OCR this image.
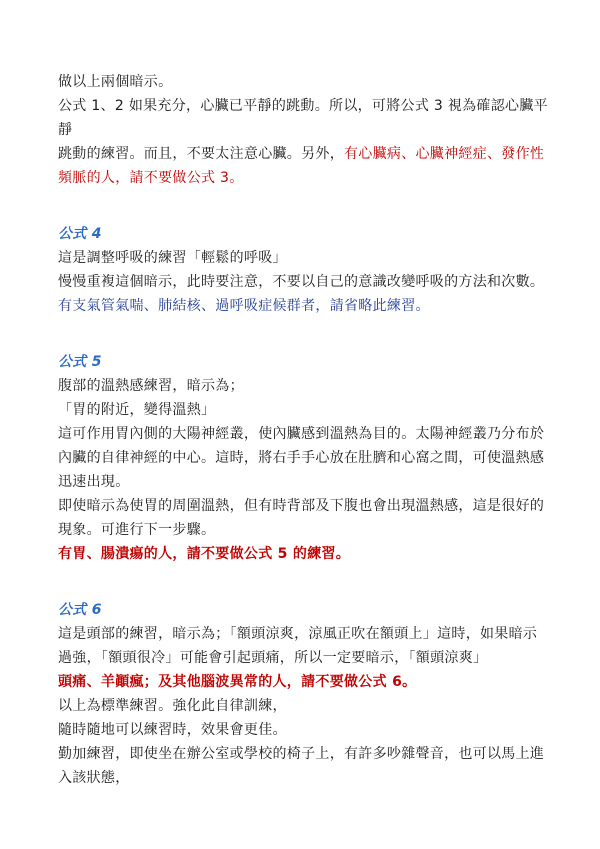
做以上兩個暗示。

公式 1、2 如果充分，心臟已平靜的跳動。所以，可將公式 3 視為確認心臟平靜

跳動的練習。而且，不要太注意心臟。另外，有心臟病、心臟神經症、發作性

頻脈的人，請不要做公式 3。

公式 4

這是調整呼吸的練習「輕鬆的呼吸」

慢慢重複這個暗示，此時要注意，不要以自己的意識改變呼吸的方法和次數。

有支氣管氣喘、肺結核、過呼吸症候群者，請省略此練習。

公式 5

腹部的溫熱感練習，暗示為；

「胃的附近，變得溫熱」

這可作用胃內側的大陽神經叢，使內臟感到溫熱為目的。太陽神經叢乃分布於

內臟的自律神經的中心。這時，將右手手心放在肚臍和心窩之間，可使溫熱感

迅速出現。

即使暗示為使胃的周圍溫熱，但有時背部及下腹也會出現溫熱感，這是很好的

現象。可進行下一步驟。

有胃、腸潰瘍的人，請不要做公式 5 的練習。

公式 6

這是頭部的練習，暗示為；「額頭涼爽，涼風正吹在額頭上」這時，如果暗示

過強，「額頭很冷」可能會引起頭痛，所以一定要暗示，「額頭涼爽」

頭痛、羊顚瘋；及其他腦波異常的人，請不要做公式 6。

以上為標準練習。強化此自律訓練，

隨時隨地可以練習時，效果會更佳。

勤加練習，即使坐在辦公室或學校的椅子上，有許多吵雜聲音，也可以馬上進

入該狀態，
